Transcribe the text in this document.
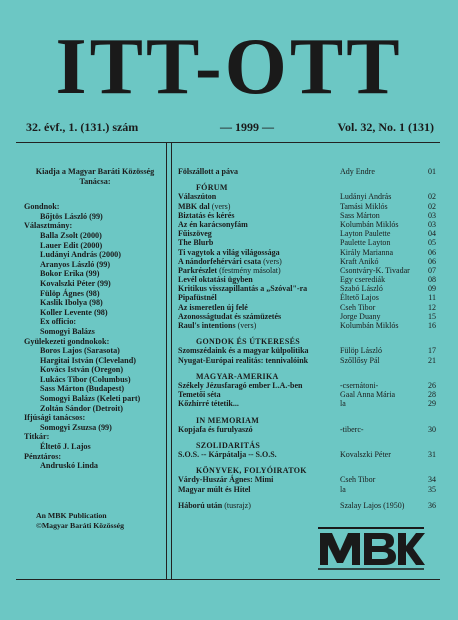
ITT-OTT
32. évf., 1. (131.) szám	— 1999 —	Vol. 32, No. 1 (131)
Kiadja a Magyar Baráti Közösség Tanácsa:
Gondnok:
Bőjtös László (99)
Választmány:
Balla Zsolt (2000)
Lauer Edit (2000)
Ludányi András (2000)
Aranyos László (99)
Bokor Erika (99)
Kovalszki Péter (99)
Fülöp Ágnes (98)
Kaslik Ibolya (98)
Koller Levente (98)
Ex officio:
Somogyi Balázs
Gyülekezeti gondnokok:
Boros Lajos (Sarasota)
Hargitai István (Cleveland)
Kovács István (Oregon)
Lukács Tibor (Columbus)
Sass Márton (Budapest)
Somogyi Balázs (Keleti part)
Zoltán Sándor (Detroit)
Ifjúsági tanácsos:
Somogyi Zsuzsa (99)
Titkár:
Éltető J. Lajos
Pénztáros:
Andruskó Linda
An MBK Publication
©Magyar Baráti Közösség
Fölszállott a páva	Ady Endre	01
FÓRUM
Válaszúton	Ludányi András	02
MBK dal (vers)	Tamási Miklós	02
Biztatás és kérés	Sass Márton	03
Az én karácsonyfám	Kolumbán Miklós	03
Fűiszöveg	Layton Paulette	04
The Blurb	Paulette Layton	05
Ti vagytok a világ világossága	Király Marianna	06
A nándorfehérvári csata (vers)	Kraft Anikó	06
Parkrészlet (festmény másolat)	Csontváry-K. Tivadar 07
Levél oktatási ügyben	Egy cserediák	08
Kritikus visszapillantás a „Szóval"-ra	Szabó László	09
Pipafüstnél	Éltető Lajos	11
Az ismeretlen új felé	Cseh Tibor	12
Azonosságtudat és számüzetés	Jorge Duany	15
Raul's intentions (vers)	Kolumbán Miklós	16
GONDOK ÉS ÚTKERESÉS
Szomszédaink és a magyar külpolitika	Fülöp László	17
Nyugat-Európai realitás: tennivalóink	Szőllősy Pál	21
MAGYAR-AMERIKA
Székely Jézusfaragó ember L.A.-ben	-csernátoni-	26
Temetői séta	Gaal Anna Mária	28
Kőzhírré tétetik...	la	29
IN MEMORIAM
Kopjafa és furulyaszó	-tiberc-	30
SZOLIDARITÁS
S.O.S. -- Kárpátalja -- S.O.S.	Kovalszki Péter	31
KÖNYVEK, FOLYÓIRATOK
Várdy-Huszár Ágnes: Mimi	Cseh Tibor	34
Magyar múlt és Hítel	la	35
Háború után (tusrajz)	Szalay Lajos (1950)	36
